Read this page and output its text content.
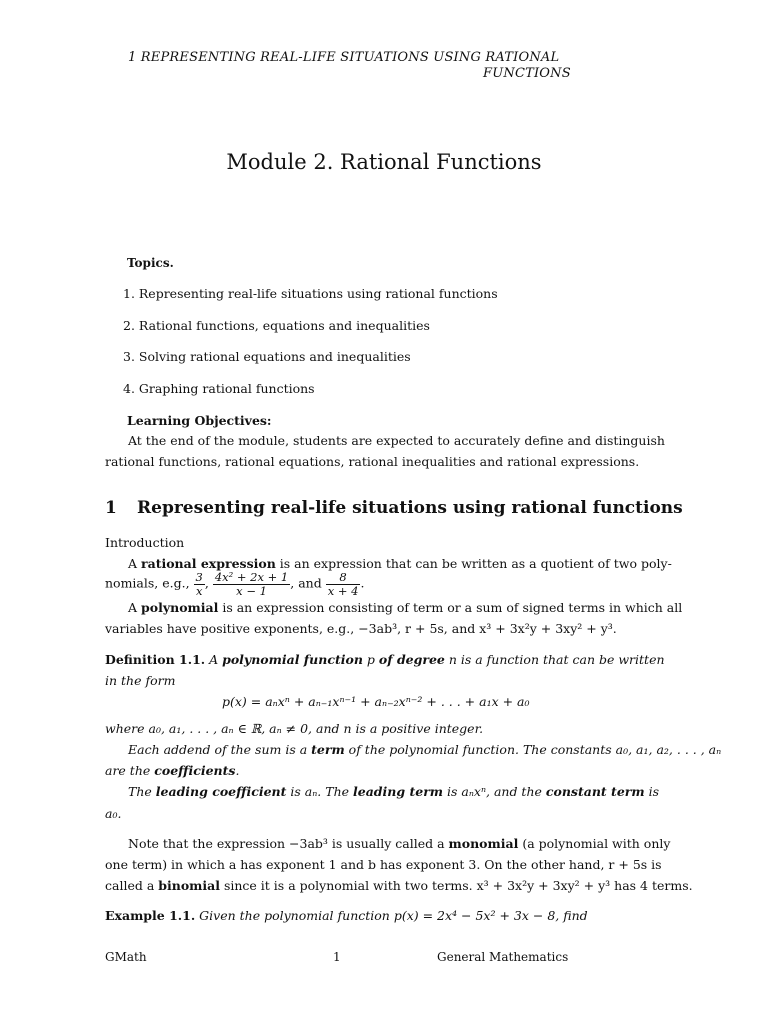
1 REPRESENTING REAL-LIFE SITUATIONS USING RATIONAL
FUNCTIONS
Module 2. Rational Functions
Topics.
1. Representing real-life situations using rational functions
2. Rational functions, equations and inequalities
3. Solving rational equations and inequalities
4. Graphing rational functions
Learning Objectives:
At the end of the module, students are expected to accurately define and distinguish
rational functions, rational equations, rational inequalities and rational expressions.
1 Representing real-life situations using rational functions
Introduction
A rational expression is an expression that can be written as a quotient of two poly-
nomials, e.g., $\frac{3}{x}$ , $\frac{\text{4x² + 2x + 1}}{x - 1}$ , and $\frac{8}{x + 4}$ .
A polynomial is an expression consisting of term or a sum of signed terms in which all
variables have positive exponents, e.g., −3ab³, r + 5s, and x³ + 3x²y + 3xy² + y³.
Definition 1.1. A polynomial function p of degree n is a function that can be written
in the form
p(x) = aₙxⁿ + aₙ₋₁xⁿ⁻¹ + aₙ₋₂xⁿ⁻² + . . . + a₁x + a₀
where a₀, a₁, . . . , aₙ ∈ ℝ, aₙ ≠ 0, and n is a positive integer.
Each addend of the sum is a term of the polynomial function. The constants a₀, a₁, a₂, . . . , aₙ
are the coefficients.
The leading coefficient is aₙ. The leading term is aₙxⁿ, and the constant term is
a₀.
Note that the expression −3ab³ is usually called a monomial (a polynomial with only
one term) in which a has exponent 1 and b has exponent 3. On the other hand, r + 5s is
called a binomial since it is a polynomial with two terms. x³ + 3x²y + 3xy² + y³ has 4 terms.
Example 1.1. Given the polynomial function p(x) = 2x⁴ − 5x² + 3x − 8, find
GMath	1	General Mathematics
